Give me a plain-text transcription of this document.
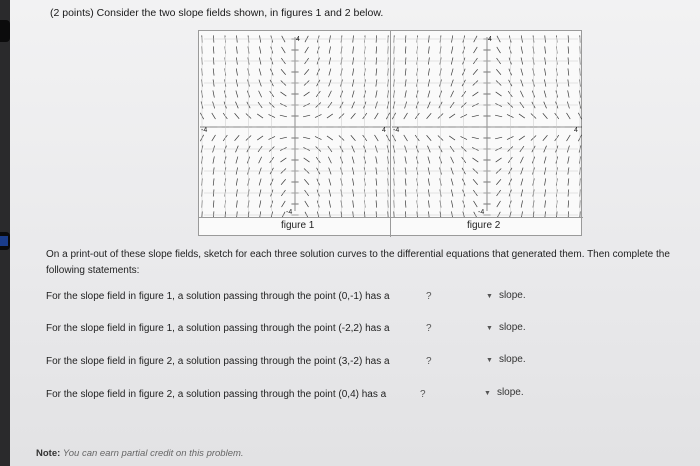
(2 points) Consider the two slope fields shown, in figures 1 and 2 below.
4
-4
-4	4
4
-4
-4	4
figure 1	figure 2
On a print-out of these slope fields, sketch for each three solution curves to the differential equations that generated them. Then complete the following statements:
For the slope field in figure 1, a solution passing through the point (0,-1) has a	?	▼ slope.
For the slope field in figure 1, a solution passing through the point (-2,2) has a	?	▼ slope.
For the slope field in figure 2, a solution passing through the point (3,-2) has a	?	▼ slope.
For the slope field in figure 2, a solution passing through the point (0,4) has a	?	▼ slope.
Note: You can earn partial credit on this problem.
